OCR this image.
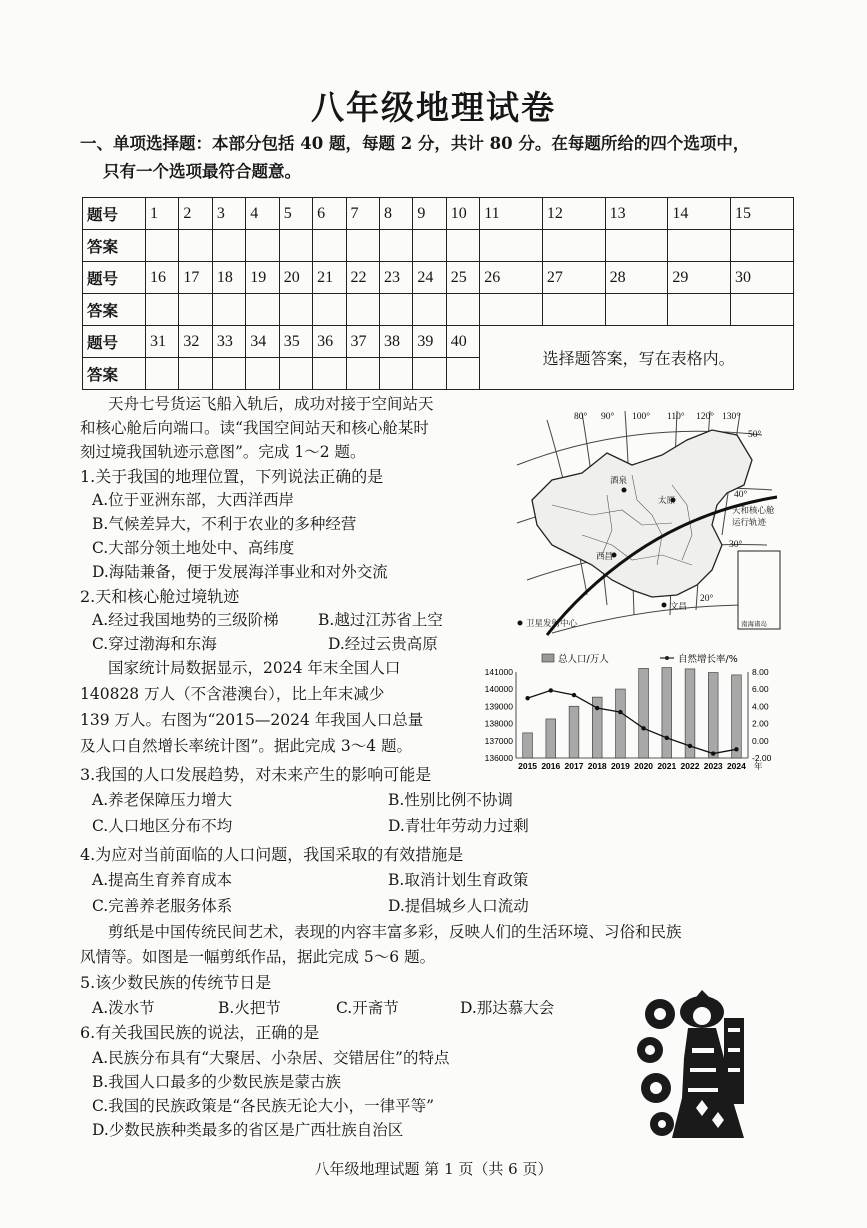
八年级地理试卷
一、单项选择题：本部分包括 40 题，每题 2 分，共计 80 分。在每题所给的四个选项中，
只有一个选项最符合题意。
题号	1	2	3	4	5	6	7	8	9	10	11	12	13	14	15
答案															
题号	16	17	18	19	20	21	22	23	24	25	26	27	28	29	30
答案															
题号	31	32	33	34	35	36	37	38	39	40	选择题答案，写在表格内。				
答案															
天舟七号货运飞船入轨后，成功对接于空间站天
和核心舱后向端口。读“我国空间站天和核心舱某时
刻过境我国轨迹示意图”。完成 1～2 题。
80° 90° 100° 110° 120° 130°
50°
40°
30°
20°
酒泉
太原
西昌
文昌
天和核心舱
运行轨迹
卫星发射中心	南海诸岛
1.关于我国的地理位置，下列说法正确的是
A.位于亚洲东部，大西洋西岸
B.气候差异大，不利于农业的多种经营
C.大部分领土地处中、高纬度
D.海陆兼备，便于发展海洋事业和对外交流
2.天和核心舱过境轨迹
A.经过我国地势的三级阶梯	B.越过江苏省上空
C.穿过渤海和东海	D.经过云贵高原
国家统计局数据显示，2024 年末全国人口
140828 万人（不含港澳台），比上年末减少
139 万人。右图为“2015—2024 年我国人口总量
及人口自然增长率统计图”。据此完成 3～4 题。
总人口/万人	自然增长率/%
136000
137000
138000
139000
140000
141000
-2.00
0.00
2.00
4.00
6.00
8.00
2015 2016 2017 2018 2019 2020 2021 2022 2023 2024 年
3.我国的人口发展趋势，对未来产生的影响可能是
A.养老保障压力增大	B.性别比例不协调
C.人口地区分布不均	D.青壮年劳动力过剩
4.为应对当前面临的人口问题，我国采取的有效措施是
A.提高生育养育成本	B.取消计划生育政策
C.完善养老服务体系	D.提倡城乡人口流动
剪纸是中国传统民间艺术，表现的内容丰富多彩，反映人们的生活环境、习俗和民族
风情等。如图是一幅剪纸作品，据此完成 5～6 题。
5.该少数民族的传统节日是
A.泼水节	B.火把节	C.开斋节	D.那达慕大会
6.有关我国民族的说法，正确的是
A.民族分布具有“大聚居、小杂居、交错居住”的特点
B.我国人口最多的少数民族是蒙古族
C.我国的民族政策是“各民族无论大小，一律平等”
D.少数民族种类最多的省区是广西壮族自治区
八年级地理试题 第 1 页（共 6 页）
